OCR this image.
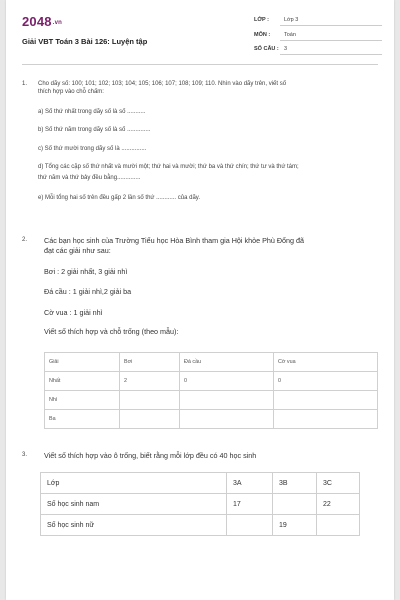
2048.vn
Giải VBT Toán 3 Bài 126: Luyện tập
LỚP :	Lớp 3
MÔN :	Toán
SỐ CÂU : 3
1. Cho dãy số: 100; 101; 102; 103; 104; 105; 106; 107; 108; 109; 110. Nhìn vào dãy trên, viết số
thích hợp vào chỗ chấm:
a) Số thứ nhất trong dãy số là số ...........
b) Số thứ năm trong dãy số là số ..............
c) Số thứ mười trong dãy số là ...............
d) Tổng các cặp số thứ nhất và mười một; thứ hai và mười; thứ ba và thứ chín; thứ tư và thứ tám;
thứ năm và thứ bảy đều bằng..............
e) Mỗi tổng hai số trên đều gấp 2 lần số thứ ............ của dãy.
2. Các bạn học sinh của Trường Tiểu học Hòa Bình tham gia Hội khỏe Phù Đổng đã
đạt các giải như sau:
Bơi : 2 giải nhất, 3 giải nhì
Đá cầu : 1 giải nhì,2 giải ba
Cờ vua : 1 giải nhì
Viết số thích hợp và chỗ trống (theo mẫu):
Giải	Bơi	Đá cầu	Cờ vua
Nhất	2	0	0
Nhì			
Ba			
3. Viết số thích hợp vào ô trống, biết rằng mỗi lớp đều có 40 học sinh
Lớp	3A	3B	3C
Số học sinh nam	17		22
Số học sinh nữ		19	
